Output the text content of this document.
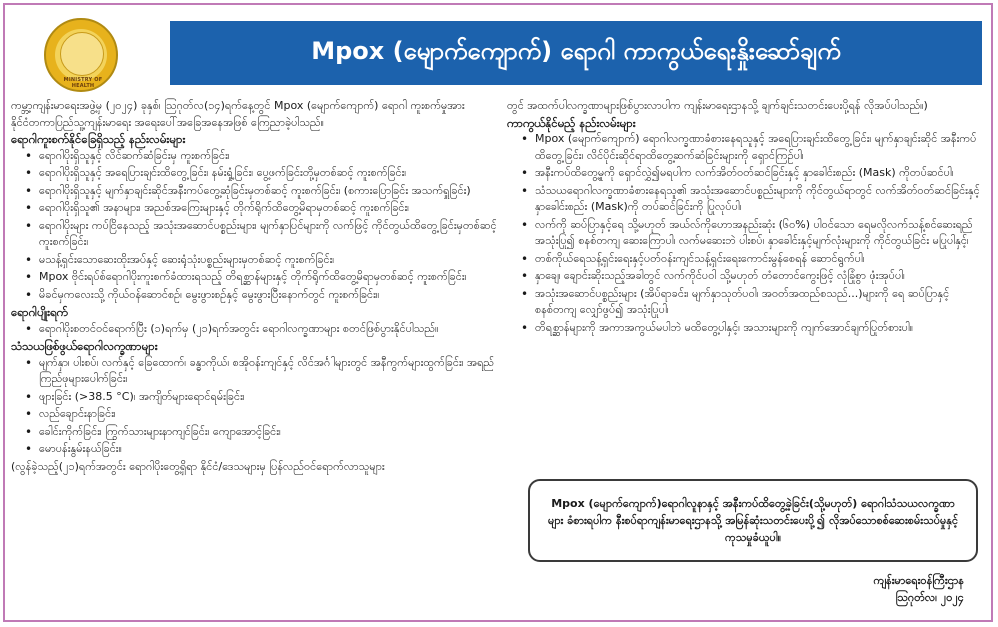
MINISTRY OF HEALTH
Mpox (မျောက်ကျောက်) ရောဂါ ကာကွယ်ရေးနှိုးဆော်ချက်

ကမ္ဘာ့ကျန်းမာရေးအဖွဲ့မှ (၂၀၂၄) ခုနှစ်၊ ဩဂုတ်လ(၁၄)ရက်နေ့တွင် Mpox (မျောက်ကျောက်) ရောဂါ ကူးစက်မှုအား နိုင်ငံတကာပြည်သူ့ကျန်းမာရေး အရေးပေါ်အခြေအနေအဖြစ် ကြေညာခဲ့ပါသည်။

ရောဂါကူးစက်နိုင်ခြေရှိသည့် နည်းလမ်းများ

• ရောဂါပိုးရှိသူနှင့် လိင်ဆက်ဆံခြင်းမှ ကူးစက်ခြင်း၊
• ရောဂါပိုးရှိသူနှင့် အရေပြားချင်းထိတွေ့ခြင်း၊ နမ်းရှုံ့ခြင်း၊ ပွေ့ဖက်ခြင်းတို့မှတစ်ဆင့် ကူးစက်ခြင်း၊
• ရောဂါပိုးရှိသူနှင့် မျက်နှာချင်းဆိုင်အနီးကပ်တွေ့ဆုံခြင်းမှတစ်ဆင့် ကူးစက်ခြင်း၊ (စကားပြောခြင်း အသက်ရှူခြင်း)
• ရောဂါပိုးရှိသူ၏ အနာများ၊ အညစ်အကြေးများနှင့် တိုက်ရိုက်ထိတွေ့မိရာမှတစ်ဆင့် ကူးစက်ခြင်း၊
• ရောဂါပိုးများ ကပ်ငြိနေသည့် အသုံးအဆောင်ပစ္စည်းများ၊ မျက်နှာပြင်များကို လက်ဖြင့် ကိုင်တွယ်ထိတွေ့ခြင်းမှတစ်ဆင့် ကူးစက်ခြင်း၊
• မသန့်ရှင်းသောဆေးထိုးအပ်နှင့် ဆေးရုံသုံးပစ္စည်းများမှတစ်ဆင့် ကူးစက်ခြင်း၊
• Mpox ဗိုင်းရပ်စ်ရောဂါပိုးကူးစက်ခံထားရသည့် တိရစ္ဆာန်များနှင့် တိုက်ရိုက်ထိတွေ့မိရာမှတစ်ဆင့် ကူးစက်ခြင်း၊
• မိခင်မှကလေးသို့ ကိုယ်ဝန်ဆောင်စဉ်၊ မွေးဖွားစဉ်နှင့် မွေးဖွားပြီးနောက်တွင် ကူးစက်ခြင်း။

ရောဂါပျိုးရက်

• ရောဂါပိုးစတင်ဝင်ရောက်ပြီး (၁)ရက်မှ (၂၁)ရက်အတွင်း ရောဂါလက္ခဏာများ စတင်ဖြစ်ပွားနိုင်ပါသည်။

သံသယဖြစ်ဖွယ်ရောဂါလက္ခဏာများ

• မျက်နှာ၊ ပါးစပ်၊ လက်နှင့် ခြေထောက်၊ ခန္ဓာကိုယ်၊ စအိုဝန်းကျင်နှင့် လိင်အင်္ဂါများတွင် အနီကွက်များထွက်ခြင်း၊ အရည်ကြည်ဖုများပေါက်ခြင်း၊
• ဖျားခြင်း (>38.5 °C)၊ အကျိတ်များရောင်ရမ်းခြင်း၊
• လည်ချောင်းနာခြင်း၊
• ခေါင်းကိုက်ခြင်း၊ ကြွက်သားများနာကျင်ခြင်း၊ ကျောအောင့်ခြင်း၊
• မောပန်းနွမ်းနယ်ခြင်း။

(လွန်ခဲ့သည့်(၂၁)ရက်အတွင်း ရောဂါပိုးတွေ့ရှိရာ နိုင်ငံ/ဒေသများမှ ပြန်လည်ဝင်ရောက်လာသူများ

တွင် အထက်ပါလက္ခဏာများဖြစ်ပွားလာပါက ကျန်းမာရေးဌာနသို့ ချက်ချင်းသတင်းပေးပို့ရန် လိုအပ်ပါသည်။)

ကာကွယ်နိုင်မည့် နည်းလမ်းများ

• Mpox (မျောက်ကျောက်) ရောဂါလက္ခဏာခံစားနေရသူနှင့် အရေပြားချင်းထိတွေ့ခြင်း၊ မျက်နှာချင်းဆိုင် အနီးကပ်ထိတွေ့ခြင်း၊ လိင်ပိုင်းဆိုင်ရာထိတွေ့ဆက်ဆံခြင်းများကို ရှောင်ကြဉ်ပါ၊
• အနီးကပ်ထိတွေ့မှုကို ရှောင်လွှဲ၍မရပါက လက်အိတ်ဝတ်ဆင်ခြင်းနှင့် နှာခေါင်းစည်း (Mask) ကိုတပ်ဆင်ပါ၊
• သံသယရောဂါလက္ခဏာခံစားနေရသူ၏ အသုံးအဆောင်ပစ္စည်းများကို ကိုင်တွယ်ရာတွင် လက်အိတ်ဝတ်ဆင်ခြင်းနှင့် နှာခေါင်းစည်း (Mask)ကို တပ်ဆင်ခြင်းကို ပြုလုပ်ပါ၊
• လက်ကို ဆပ်ပြာနှင့်ရေ သို့မဟုတ် အယ်လ်ကိုဟောအနည်းဆုံး (၆၀%) ပါဝင်သော ရေမလိုလက်သန့်စင်ဆေးရည် အသုံးပြု၍ စနစ်တကျ ဆေးကြောပါ၊ လက်မဆေးဘဲ ပါးစပ်၊ နှာခေါင်းနှင့်မျက်လုံးများကို ကိုင်တွယ်ခြင်း မပြုပါနှင့်၊
• တစ်ကိုယ်ရေသန့်ရှင်းရေးနှင့်ပတ်ဝန်းကျင်သန့်ရှင်းရေးကောင်းမွန်စေရန် ဆောင်ရွက်ပါ၊
• နှာချေ၊ ချောင်းဆိုးသည့်အခါတွင် လက်ကိုင်ပဝါ သို့မဟုတ် တံတောင်ကွေးဖြင့် လုံခြုံစွာ ဖုံးအုပ်ပါ၊
• အသုံးအဆောင်ပစ္စည်းများ (အိပ်ရာခင်း၊ မျက်နှာသုတ်ပဝါ၊ အဝတ်အထည်စသည်...)များကို ရေ ဆပ်ပြာနှင့် စနစ်တကျ လျှော်ဖွပ်၍ အသုံးပြုပါ၊
• တိရစ္ဆာန်များကို အကာအကွယ်မပါဘဲ မထိတွေ့ပါနှင့်၊ အသားများကို ကျက်အောင်ချက်ပြုတ်စားပါ။
Mpox (မျောက်ကျောက်)ရောဂါလူနာနှင့် အနီးကပ်ထိတွေ့ခဲ့ခြင်း(သို့မဟုတ်) ရောဂါသံသယလက္ခဏာများ ခံစားရပါက နီးစပ်ရာကျန်းမာရေးဌာနသို့ အမြန်ဆုံးသတင်းပေးပို့၍ လိုအပ်သောစစ်ဆေးစမ်းသပ်မှုနှင့် ကုသမှုခံယူပါ။
ကျန်းမာရေးဝန်ကြီးဌာန
ဩဂုတ်လ၊ ၂၀၂၄
